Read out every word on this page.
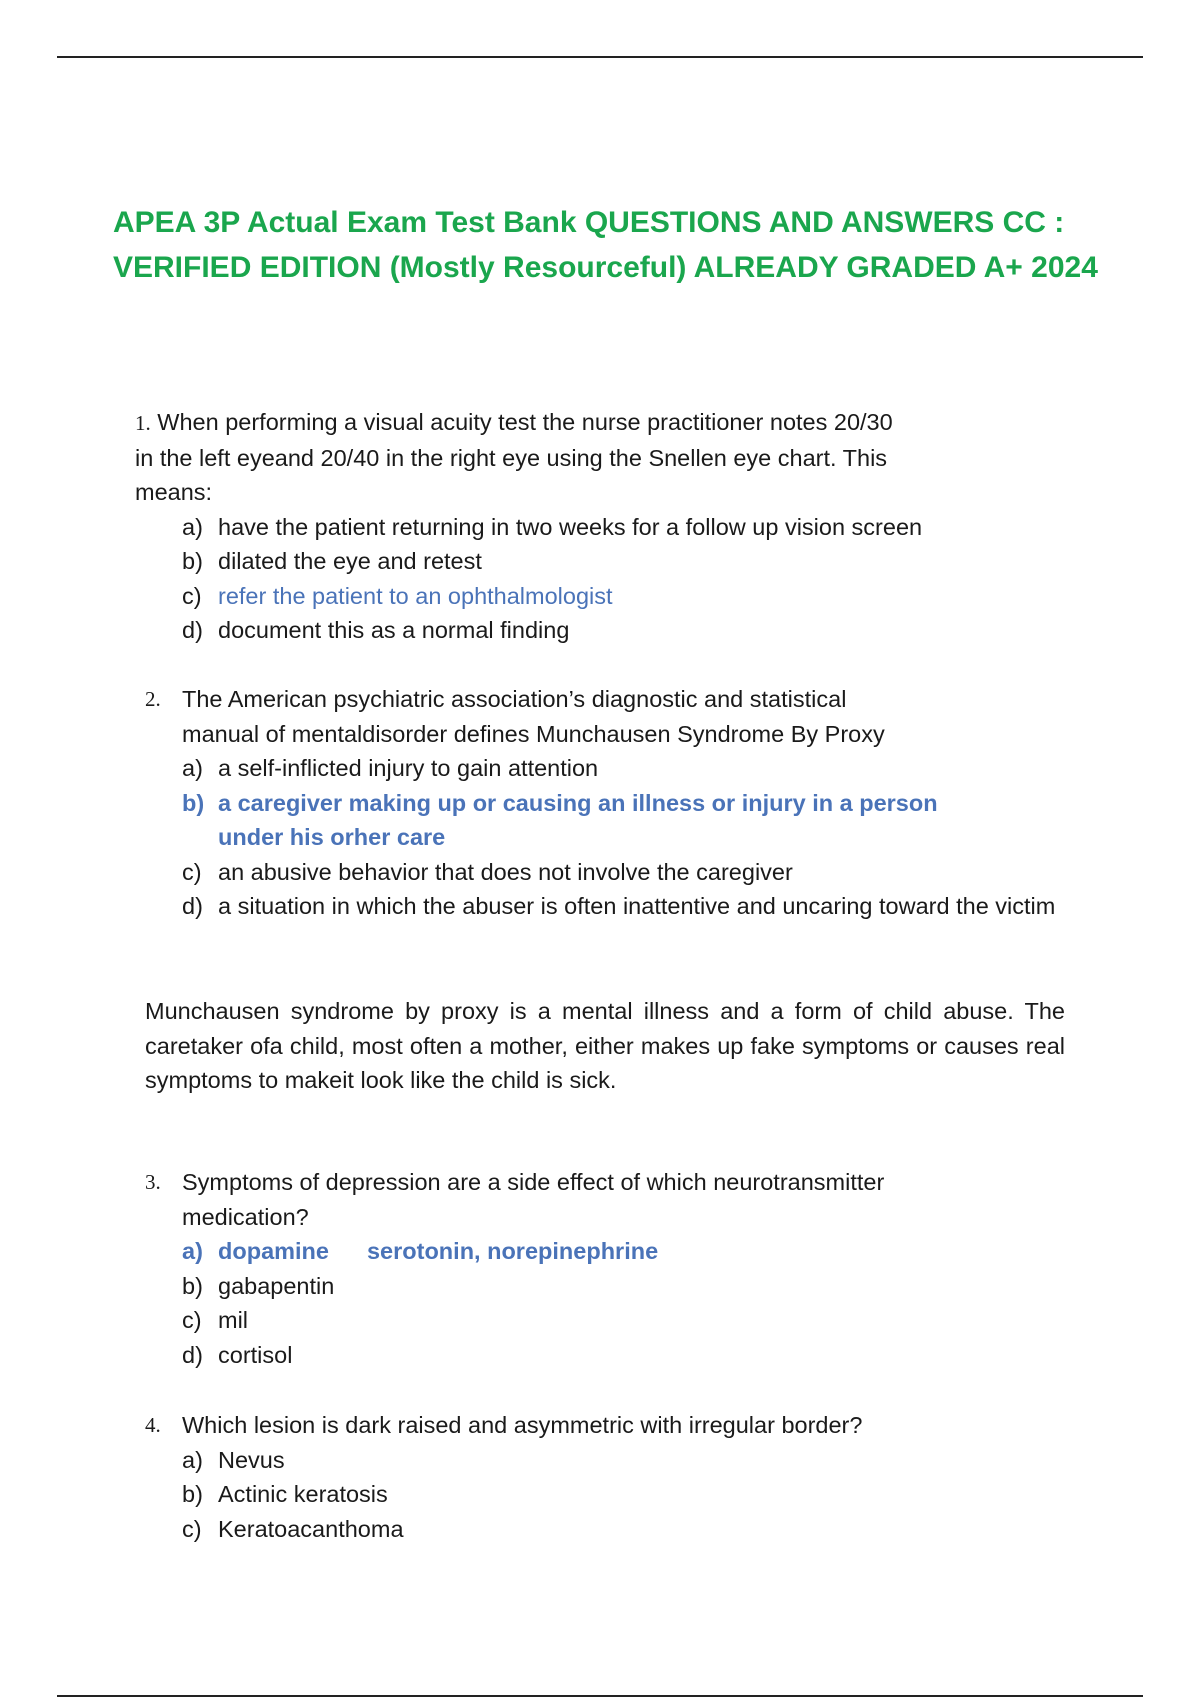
APEA 3P Actual Exam Test Bank QUESTIONS AND ANSWERS CC : VERIFIED EDITION (Mostly Resourceful) ALREADY GRADED A+ 2024
1. When performing a visual acuity test the nurse practitioner notes 20/30
in the left eyeand 20/40 in the right eye using the Snellen eye chart. This
means:
a) have the patient returning in two weeks for a follow up vision screen
b) dilated the eye and retest
c) refer the patient to an ophthalmologist
d) document this as a normal finding
2. The American psychiatric association’s diagnostic and statistical
manual of mentaldisorder defines Munchausen Syndrome By Proxy
a) a self-inflicted injury to gain attention
b) a caregiver making up or causing an illness or injury in a person under his orher care
c) an abusive behavior that does not involve the caregiver
d) a situation in which the abuser is often inattentive and uncaring toward the victim

Munchausen syndrome by proxy is a mental illness and a form of child abuse. The caretaker ofa child, most often a mother, either makes up fake symptoms or causes real symptoms to makeit look like the child is sick.

3. Symptoms of depression are a side effect of which neurotransmitter
medication?
a) dopamine serotonin, norepinephrine
b) gabapentin
c) mil
d) cortisol
4. Which lesion is dark raised and asymmetric with irregular border?
a) Nevus
b) Actinic keratosis
c) Keratoacanthoma
